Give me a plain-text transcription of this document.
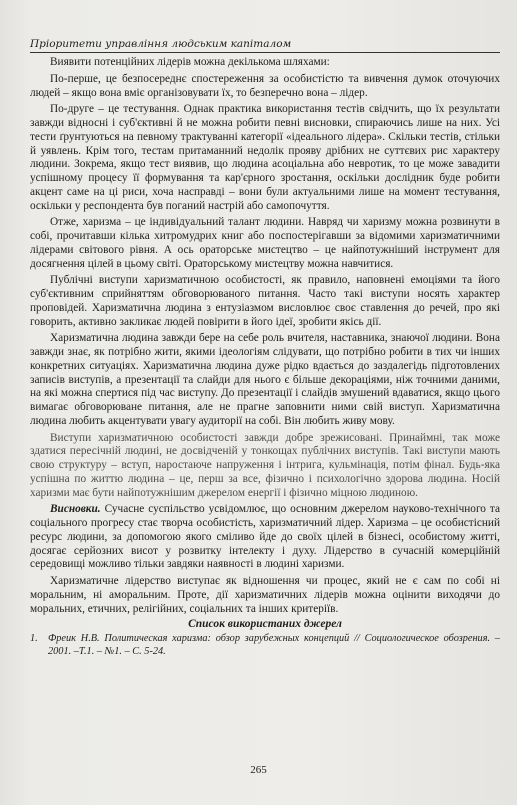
Пріоритети управління людським капіталом

Виявити потенційних лідерів можна декількома шляхами:

По-перше, це безпосереднє спостереження за особистістю та вивчення думок оточуючих людей – якщо вона вміє організовувати їх, то безперечно вона – лідер.

По-друге – це тестування. Однак практика використання тестів свідчить, що їх результати завжди відносні і суб'єктивні й не можна робити певні висновки, спираючись лише на них. Усі тести ґрунтуються на певному трактуванні категорії «ідеального лідера». Скільки тестів, стільки й уявлень. Крім того, тестам притаманний недолік прояву дрібних не суттєвих рис характеру людини. Зокрема, якщо тест виявив, що людина асоціальна або невротик, то це може завадити успішному процесу її формування та кар'єрного зростання, оскільки дослідник буде робити акцент саме на ці риси, хоча насправді – вони були актуальними лише на момент тестування, оскільки у респондента був поганий настрій або самопочуття.

Отже, харизма – це індивідуальний талант людини. Навряд чи харизму можна розвинути в собі, прочитавши кілька хитромудрих книг або поспостерігавши за відомими харизматичними лідерами світового рівня. А ось ораторське мистецтво – це найпотужніший інструмент для досягнення цілей в цьому світі. Ораторському мистецтву можна навчитися.

Публічні виступи харизматичною особистості, як правило, наповнені емоціями та його суб'єктивним сприйняттям обговорюваного питання. Часто такі виступи носять характер проповідей. Харизматична людина з ентузіазмом висловлює своє ставлення до речей, про які говорить, активно закликає людей повірити в його ідеї, зробити якісь дії.

Харизматична людина завжди бере на себе роль вчителя, наставника, знаючої людини. Вона завжди знає, як потрібно жити, якими ідеологіям слідувати, що потрібно робити в тих чи інших конкретних ситуаціях. Харизматична людина дуже рідко вдається до заздалегідь підготовлених записів виступів, а презентації та слайди для нього є більше декораціями, ніж точними даними, на які можна спертися під час виступу. До презентації і слайдів змушений вдаватися, якщо цього вимагає обговорюване питання, але не прагне заповнити ними свій виступ. Харизматична людина любить акцентувати увагу аудиторії на собі. Він любить живу мову.

Виступи харизматичною особистості завжди добре зрежисовані. Принаймні, так може здатися пересічній людині, не досвідченій у тонкощах публічних виступів. Такі виступи мають свою структуру – вступ, наростаюче напруження і інтрига, кульмінація, потім фінал. Будь-яка успішна по життю людина – це, перш за все, фізично і психологічно здорова людина. Носій харизми має бути найпотужнішим джерелом енергії і фізично міцною людиною.

Висновки. Сучасне суспільство усвідомлює, що основним джерелом науково-технічного та соціального прогресу стає творча особистість, харизматичний лідер. Харизма – це особистісний ресурс людини, за допомогою якого сміливо йде до своїх цілей в бізнесі, особистому житті, досягає серйозних висот у розвитку інтелекту і духу. Лідерство в сучасній комерційній середовищі можливо тільки завдяки наявності в людині харизми.

Харизматичне лідерство виступає як відношення чи процес, який не є сам по собі ні моральним, ні аморальним. Проте, дії харизматичних лідерів можна оцінити виходячи до моральних, етичних, релігійних, соціальних та інших критеріїв.

Список використаних джерел
1. Фреик Н.В. Политическая харизма: обзор зарубежных концепций // Социологическое обозрения. – 2001. –Т.1. – №1. – С. 5-24.
265
